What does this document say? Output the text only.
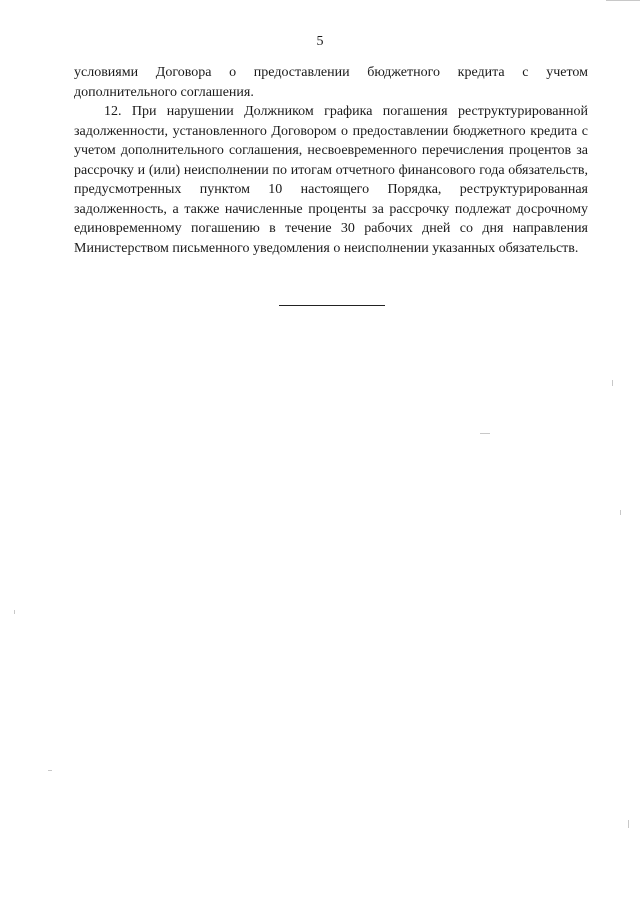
5

условиями Договора о предоставлении бюджетного кредита с учетом дополнительного соглашения.

12. При нарушении Должником графика погашения реструктурированной задолженности, установленного Договором о предоставлении бюджетного кредита с учетом дополнительного соглашения, несвоевременного перечисления процентов за рассрочку и (или) неисполнении по итогам отчетного финансового года обязательств, предусмотренных пунктом 10 настоящего Порядка, реструктурированная задолженность, а также начисленные проценты за рассрочку подлежат досрочному единовременному погашению в течение 30 рабочих дней со дня направления Министерством письменного уведомления о неисполнении указанных обязательств.
